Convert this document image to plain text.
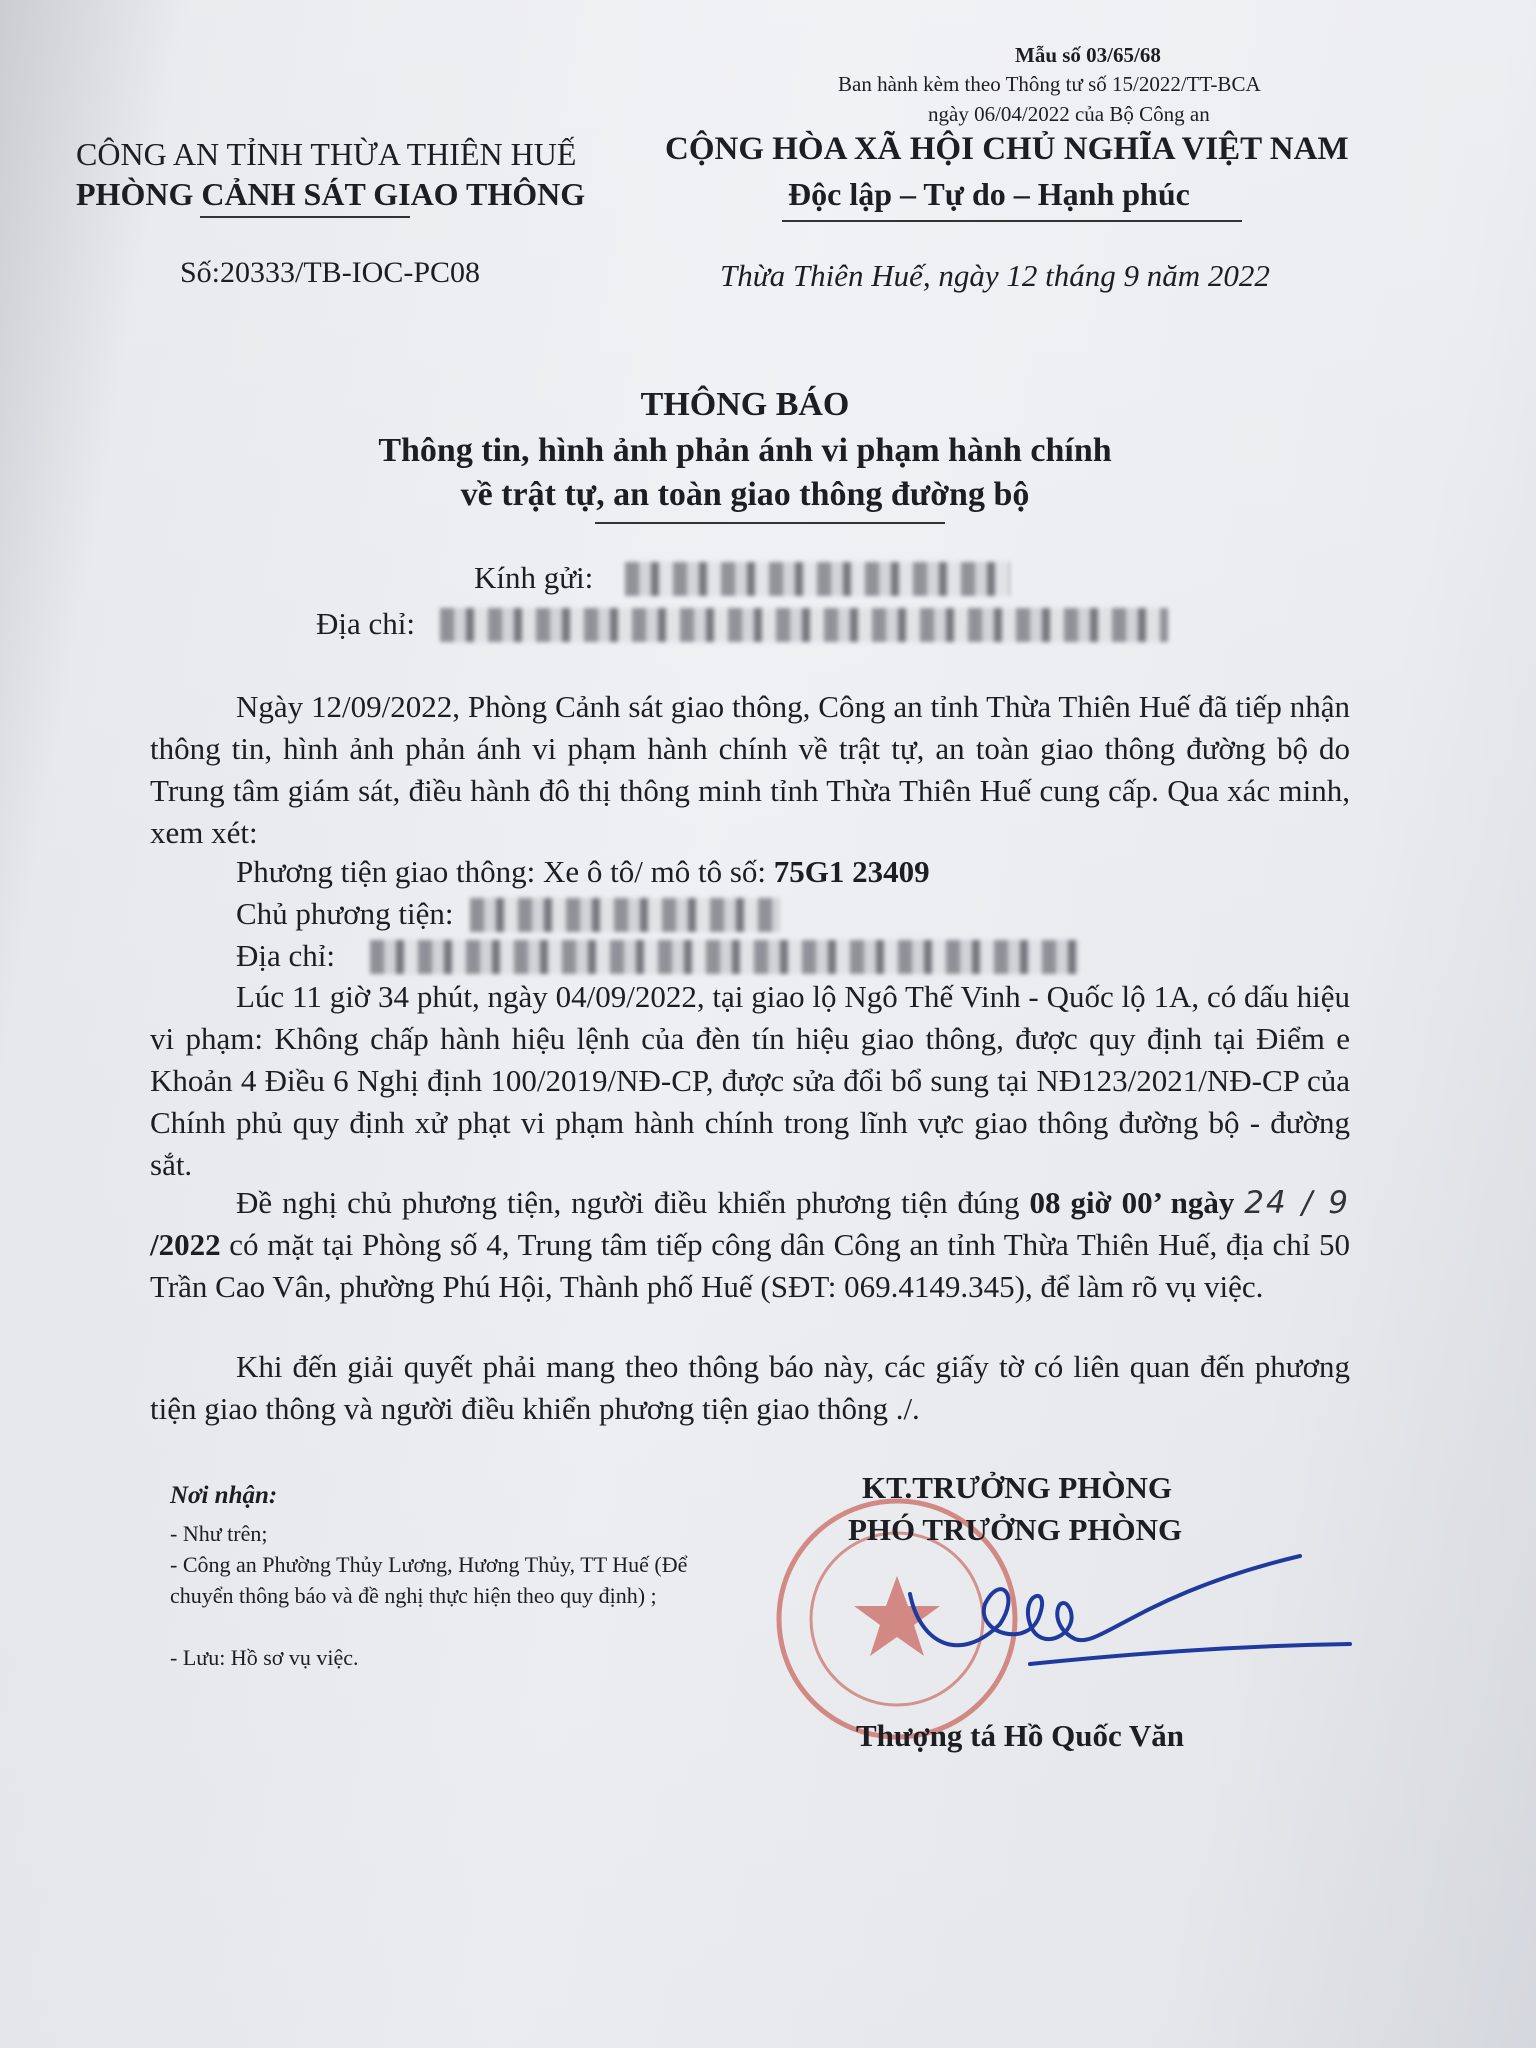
Mẫu số 03/65/68
Ban hành kèm theo Thông tư số 15/2022/TT-BCA
ngày 06/04/2022 của Bộ Công an
CÔNG AN TỈNH THỪA THIÊN HUẾ
PHÒNG CẢNH SÁT GIAO THÔNG
CỘNG HÒA XÃ HỘI CHỦ NGHĨA VIỆT NAM
Độc lập – Tự do – Hạnh phúc
Số:20333/TB-IOC-PC08	Thừa Thiên Huế, ngày 12 tháng 9 năm 2022
THÔNG BÁO
Thông tin, hình ảnh phản ánh vi phạm hành chính
về trật tự, an toàn giao thông đường bộ
Kính gửi:
Địa chỉ:
Ngày 12/09/2022, Phòng Cảnh sát giao thông, Công an tỉnh Thừa Thiên Huế đã tiếp nhận thông tin, hình ảnh phản ánh vi phạm hành chính về trật tự, an toàn giao thông đường bộ do Trung tâm giám sát, điều hành đô thị thông minh tỉnh Thừa Thiên Huế cung cấp. Qua xác minh, xem xét:
Phương tiện giao thông: Xe ô tô/ mô tô số: 75G1 23409
Chủ phương tiện:
Địa chỉ:
Lúc 11 giờ 34 phút, ngày 04/09/2022, tại giao lộ Ngô Thế Vinh - Quốc lộ 1A, có dấu hiệu vi phạm: Không chấp hành hiệu lệnh của đèn tín hiệu giao thông, được quy định tại Điểm e Khoản 4 Điều 6 Nghị định 100/2019/NĐ-CP, được sửa đổi bổ sung tại NĐ123/2021/NĐ-CP của Chính phủ quy định xử phạt vi phạm hành chính trong lĩnh vực giao thông đường bộ - đường sắt.
Đề nghị chủ phương tiện, người điều khiển phương tiện đúng 08 giờ 00’ ngày 24 / 9 /2022 có mặt tại Phòng số 4, Trung tâm tiếp công dân Công an tỉnh Thừa Thiên Huế, địa chỉ 50 Trần Cao Vân, phường Phú Hội, Thành phố Huế (SĐT: 069.4149.345), để làm rõ vụ việc.
Khi đến giải quyết phải mang theo thông báo này, các giấy tờ có liên quan đến phương tiện giao thông và người điều khiển phương tiện giao thông ./.
Nơi nhận:
- Như trên;
- Công an Phường Thủy Lương, Hương Thủy, TT Huế (Để chuyển thông báo và đề nghị thực hiện theo quy định) ;
- Lưu: Hồ sơ vụ việc.
KT.TRƯỞNG PHÒNG
PHÓ TRƯỞNG PHÒNG
Thượng tá Hồ Quốc Văn
